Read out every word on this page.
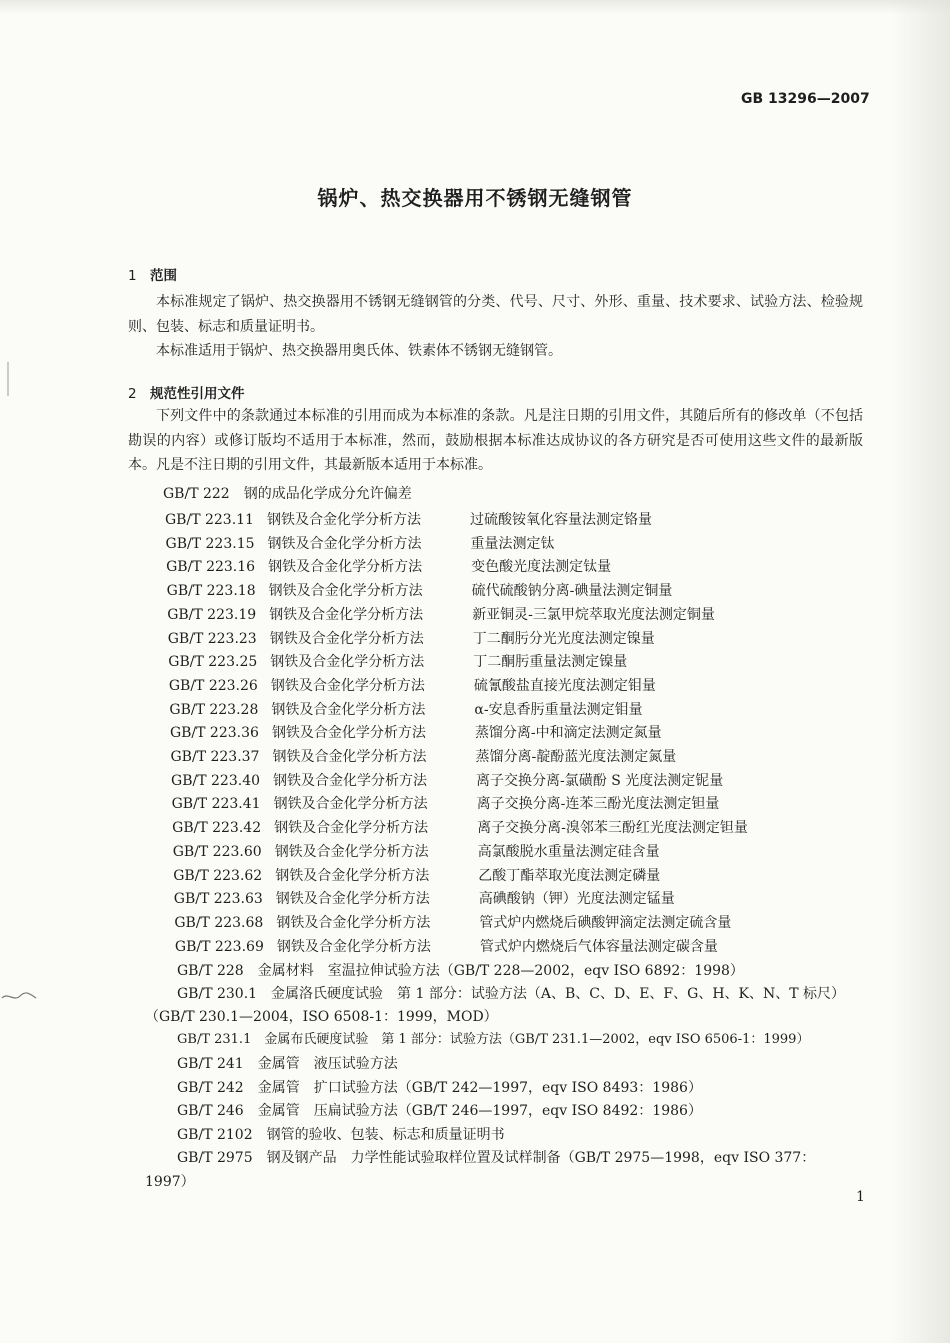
GB 13296—2007
锅炉、热交换器用不锈钢无缝钢管
1 范围

本标准规定了锅炉、热交换器用不锈钢无缝钢管的分类、代号、尺寸、外形、重量、技术要求、试验方法、检验规则、包装、标志和质量证明书。

本标准适用于锅炉、热交换器用奥氏体、铁素体不锈钢无缝钢管。

2 规范性引用文件

下列文件中的条款通过本标准的引用而成为本标准的条款。凡是注日期的引用文件，其随后所有的修改单（不包括勘误的内容）或修订版均不适用于本标准，然而，鼓励根据本标准达成协议的各方研究是否可使用这些文件的最新版本。凡是不注日期的引用文件，其最新版本适用于本标准。

GB/T 222　钢的成品化学成分允许偏差
GB/T 223.11 钢铁及合金化学分析方法	过硫酸铵氧化容量法测定铬量
GB/T 223.15 钢铁及合金化学分析方法	重量法测定钛
GB/T 223.16 钢铁及合金化学分析方法	变色酸光度法测定钛量
GB/T 223.18 钢铁及合金化学分析方法	硫代硫酸钠分离-碘量法测定铜量
GB/T 223.19 钢铁及合金化学分析方法	新亚铜灵-三氯甲烷萃取光度法测定铜量
GB/T 223.23 钢铁及合金化学分析方法	丁二酮肟分光光度法测定镍量
GB/T 223.25 钢铁及合金化学分析方法	丁二酮肟重量法测定镍量
GB/T 223.26 钢铁及合金化学分析方法	硫氰酸盐直接光度法测定钼量
GB/T 223.28 钢铁及合金化学分析方法	α-安息香肟重量法测定钼量
GB/T 223.36 钢铁及合金化学分析方法	蒸馏分离-中和滴定法测定氮量
GB/T 223.37 钢铁及合金化学分析方法	蒸馏分离-靛酚蓝光度法测定氮量
GB/T 223.40 钢铁及合金化学分析方法	离子交换分离-氯磺酚 S 光度法测定铌量
GB/T 223.41 钢铁及合金化学分析方法	离子交换分离-连苯三酚光度法测定钽量
GB/T 223.42 钢铁及合金化学分析方法	离子交换分离-溴邻苯三酚红光度法测定钽量
GB/T 223.60 钢铁及合金化学分析方法	高氯酸脱水重量法测定硅含量
GB/T 223.62 钢铁及合金化学分析方法	乙酸丁酯萃取光度法测定磷量
GB/T 223.63 钢铁及合金化学分析方法	高碘酸钠（钾）光度法测定锰量
GB/T 223.68 钢铁及合金化学分析方法	管式炉内燃烧后碘酸钾滴定法测定硫含量
GB/T 223.69 钢铁及合金化学分析方法	管式炉内燃烧后气体容量法测定碳含量
GB/T 228　金属材料　室温拉伸试验方法（GB/T 228—2002，eqv ISO 6892：1998）
GB/T 230.1　金属洛氏硬度试验　第 1 部分：试验方法（A、B、C、D、E、F、G、H、K、N、T 标尺）
（GB/T 230.1—2004，ISO 6508-1：1999，MOD）
GB/T 231.1　金属布氏硬度试验　第 1 部分：试验方法（GB/T 231.1—2002，eqv ISO 6506-1：1999）
GB/T 241　金属管　液压试验方法
GB/T 242　金属管　扩口试验方法（GB/T 242—1997，eqv ISO 8493：1986）
GB/T 246　金属管　压扁试验方法（GB/T 246—1997，eqv ISO 8492：1986）
GB/T 2102　钢管的验收、包装、标志和质量证明书
GB/T 2975　钢及钢产品　力学性能试验取样位置及试样制备（GB/T 2975—1998，eqv ISO 377：
1997）
1
